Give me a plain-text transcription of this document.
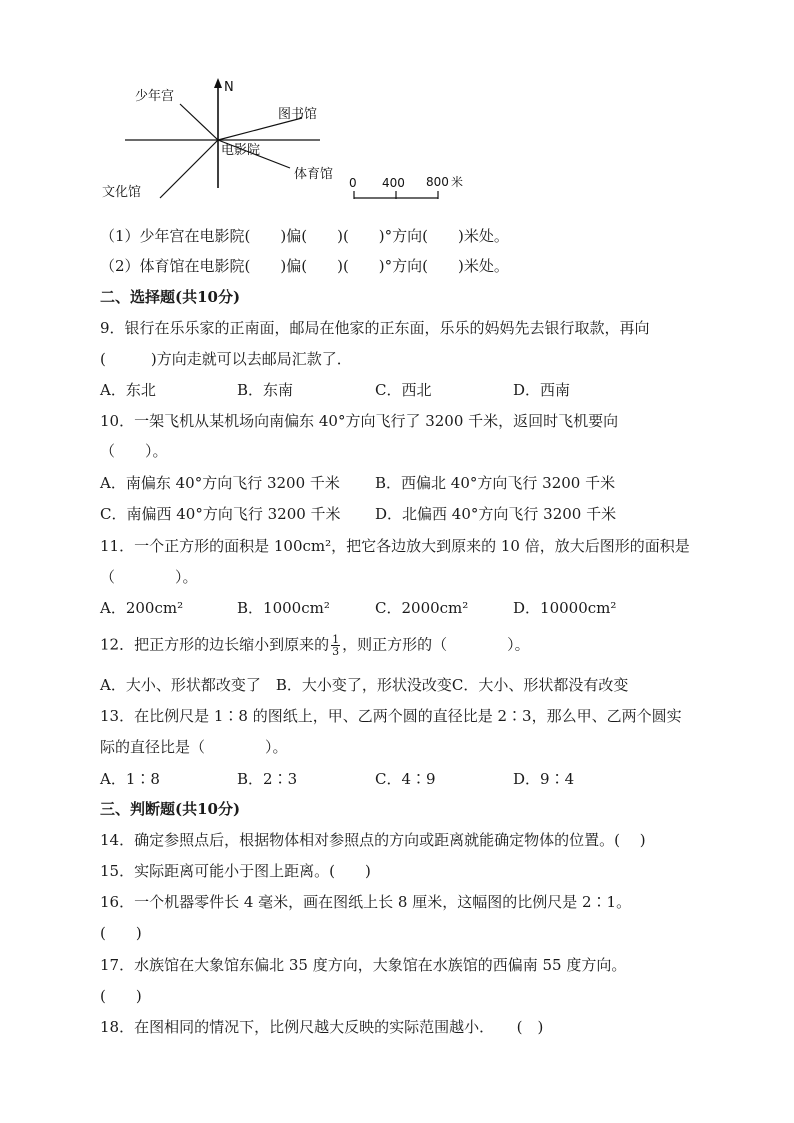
N
少年宫
图书馆
电影院
体育馆
文化馆
0 400 800 米
（1）少年宫在电影院(　　)偏(　　)(　　)°方向(　　)米处。
（2）体育馆在电影院(　　)偏(　　)(　　)°方向(　　)米处。
二、选择题(共10分)
9．银行在乐乐家的正南面，邮局在他家的正东面，乐乐的妈妈先去银行取款，再向
(　　　)方向走就可以去邮局汇款了．
A．东北	B．东南	C．西北	D．西南
10．一架飞机从某机场向南偏东 40°方向飞行了 3200 千米，返回时飞机要向
（　　）。
A．南偏东 40°方向飞行 3200 千米 B．西偏北 40°方向飞行 3200 千米
C．南偏西 40°方向飞行 3200 千米 D．北偏西 40°方向飞行 3200 千米
11．一个正方形的面积是 100cm²，把它各边放大到原来的 10 倍，放大后图形的面积是
（　　　　）。
A．200cm²	B．1000cm²	C．2000cm²	D．10000cm²
12．把正方形的边长缩小到原来的 $\frac{1}{3}$ ，则正方形的（　　　　）。
A．大小、形状都改变了　B．大小变了，形状没改变C．大小、形状都没有改变
13．在比例尺是 1∶8 的图纸上，甲、乙两个圆的直径比是 2∶3，那么甲、乙两个圆实
际的直径比是（　　　　）。
A．1∶8	B．2∶3	C．4∶9	D．9∶4
三、判断题(共10分)
14．确定参照点后，根据物体相对参照点的方向或距离就能确定物体的位置。(　 )
15．实际距离可能小于图上距离。(　　)
16．一个机器零件长 4 毫米，画在图纸上长 8 厘米，这幅图的比例尺是 2∶1。
(　　)
17．水族馆在大象馆东偏北 35 度方向，大象馆在水族馆的西偏南 55 度方向。
(　　)
18．在图相同的情况下，比例尺越大反映的实际范围越小．　　(　)
